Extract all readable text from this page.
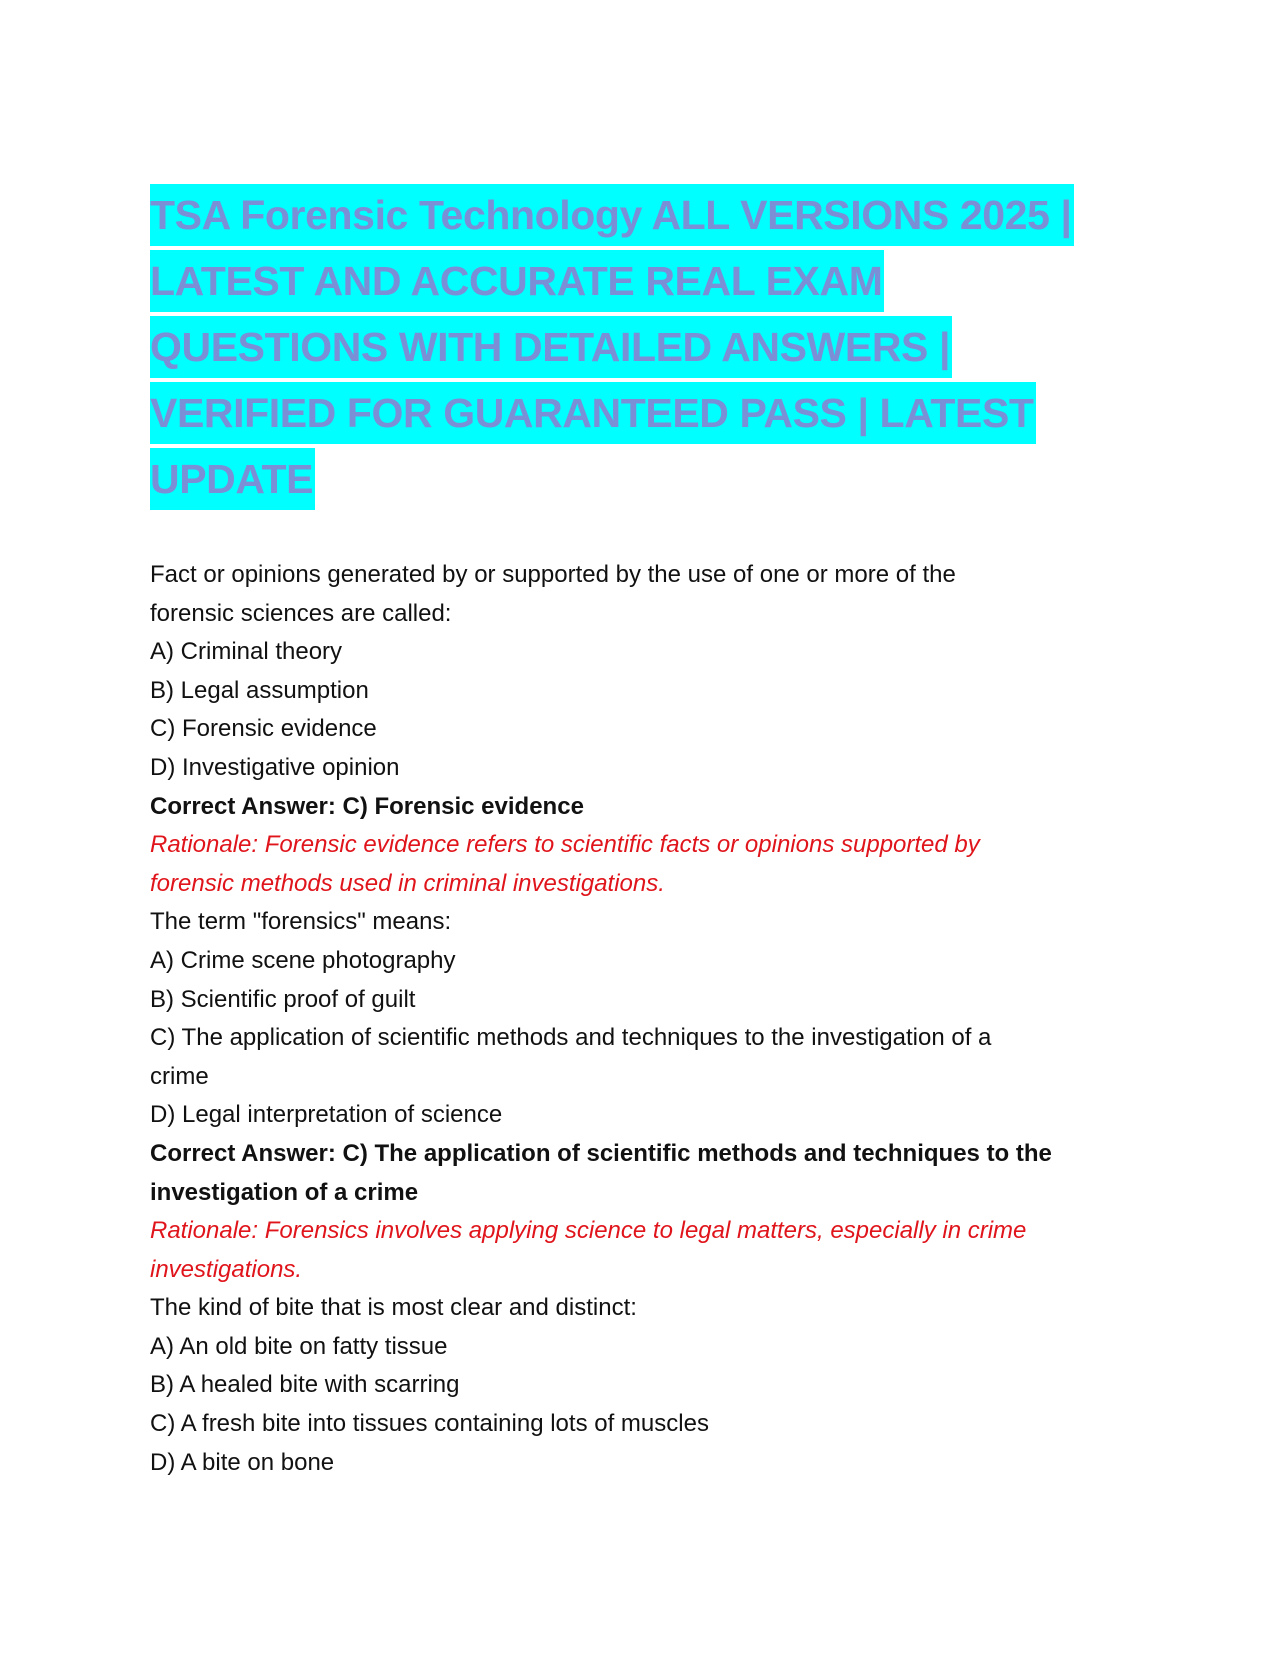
TSA Forensic Technology ALL VERSIONS 2025 |
LATEST AND ACCURATE REAL EXAM
QUESTIONS WITH DETAILED ANSWERS |
VERIFIED FOR GUARANTEED PASS | LATEST
UPDATE
Fact or opinions generated by or supported by the use of one or more of the
forensic sciences are called:
A) Criminal theory
B) Legal assumption
C) Forensic evidence
D) Investigative opinion
Correct Answer: C) Forensic evidence
Rationale: Forensic evidence refers to scientific facts or opinions supported by
forensic methods used in criminal investigations.
The term "forensics" means:
A) Crime scene photography
B) Scientific proof of guilt
C) The application of scientific methods and techniques to the investigation of a
crime
D) Legal interpretation of science
Correct Answer: C) The application of scientific methods and techniques to the
investigation of a crime
Rationale: Forensics involves applying science to legal matters, especially in crime
investigations.
The kind of bite that is most clear and distinct:
A) An old bite on fatty tissue
B) A healed bite with scarring
C) A fresh bite into tissues containing lots of muscles
D) A bite on bone
